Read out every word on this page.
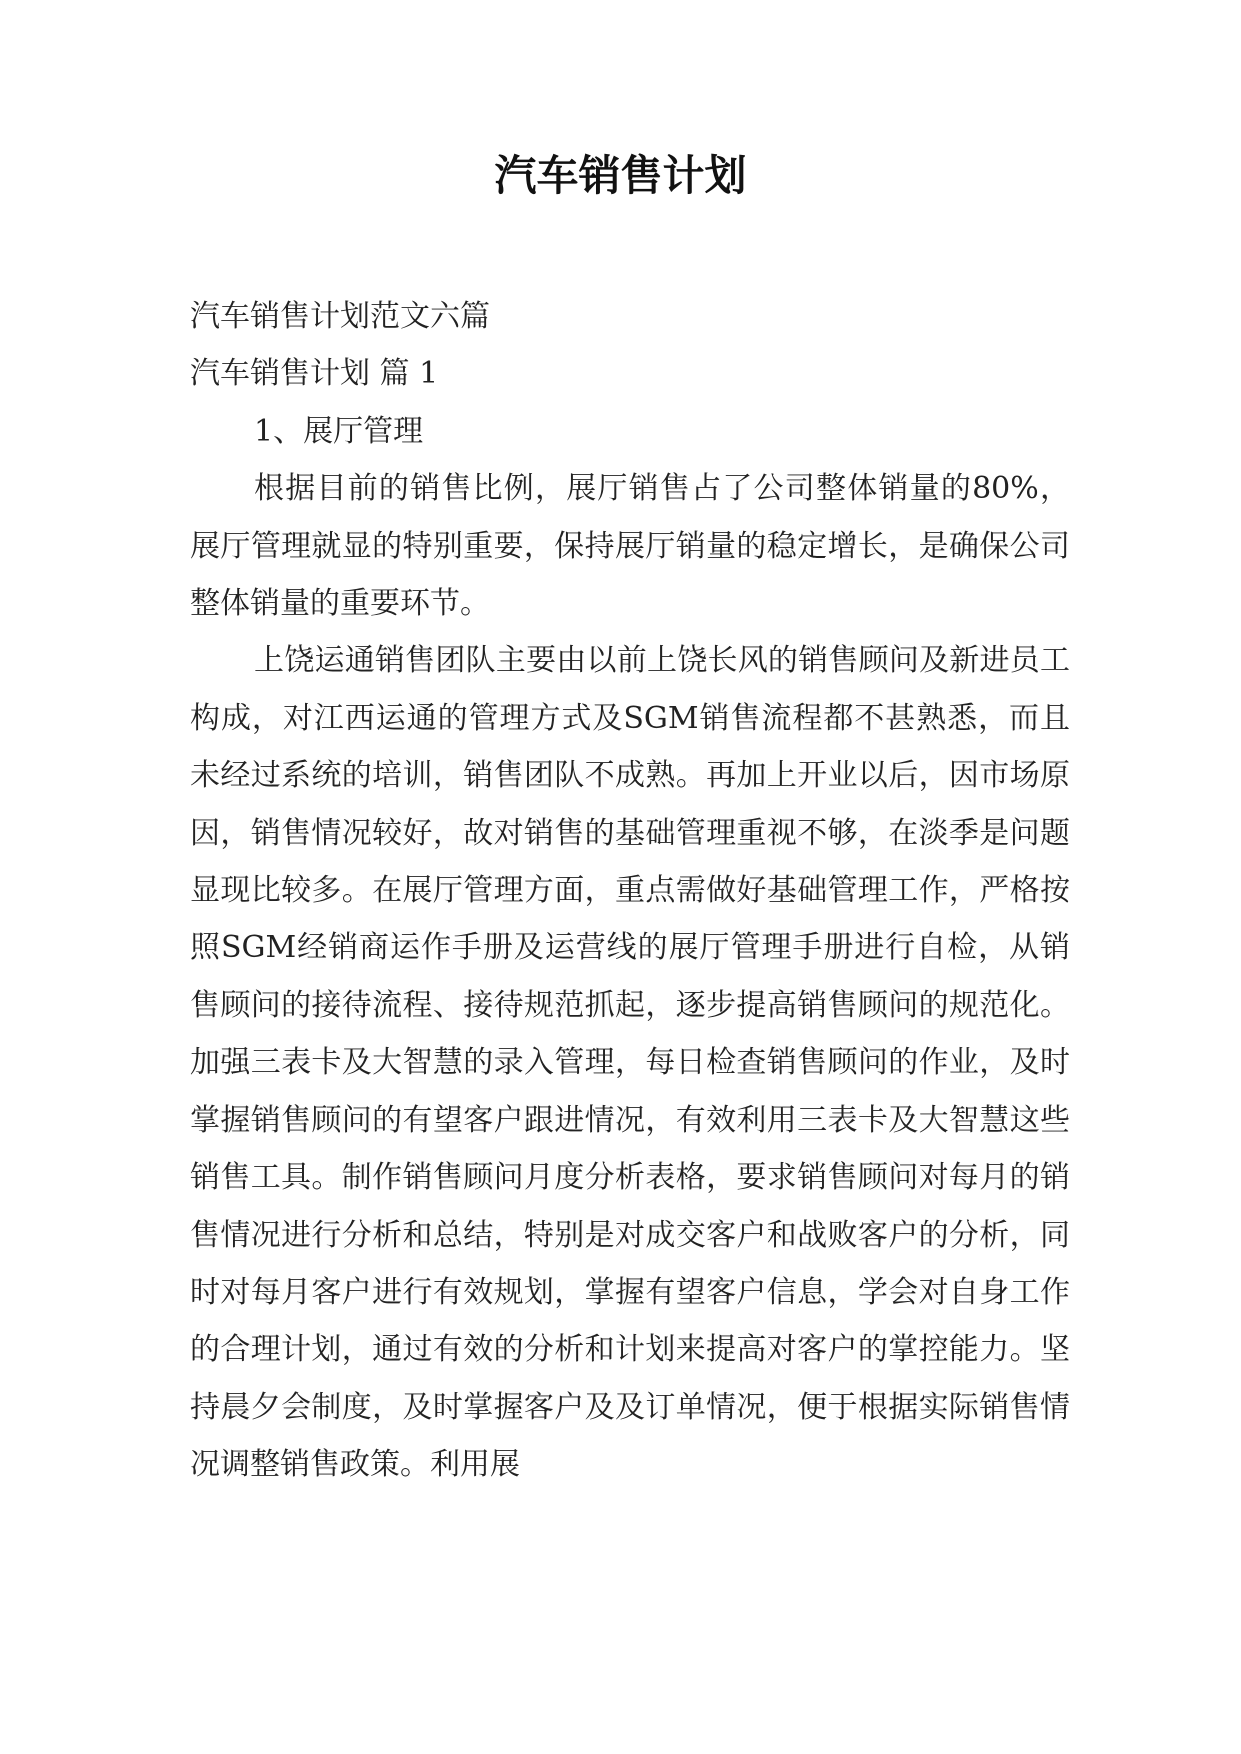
汽车销售计划

汽车销售计划范文六篇

汽车销售计划 篇 1

1、展厅管理

根据目前的销售比例，展厅销售占了公司整体销量的80%，展厅管理就显的特别重要，保持展厅销量的稳定增长，是确保公司整体销量的重要环节。

上饶运通销售团队主要由以前上饶长风的销售顾问及新进员工构成，对江西运通的管理方式及SGM销售流程都不甚熟悉，而且未经过系统的培训，销售团队不成熟。再加上开业以后，因市场原因，销售情况较好，故对销售的基础管理重视不够，在淡季是问题显现比较多。在展厅管理方面，重点需做好基础管理工作，严格按照SGM经销商运作手册及运营线的展厅管理手册进行自检，从销售顾问的接待流程、接待规范抓起，逐步提高销售顾问的规范化。加强三表卡及大智慧的录入管理，每日检查销售顾问的作业，及时掌握销售顾问的有望客户跟进情况，有效利用三表卡及大智慧这些销售工具。制作销售顾问月度分析表格，要求销售顾问对每月的销售情况进行分析和总结，特别是对成交客户和战败客户的分析，同时对每月客户进行有效规划，掌握有望客户信息，学会对自身工作的合理计划，通过有效的分析和计划来提高对客户的掌控能力。坚持晨夕会制度，及时掌握客户及及订单情况，便于根据实际销售情况调整销售政策。利用展
